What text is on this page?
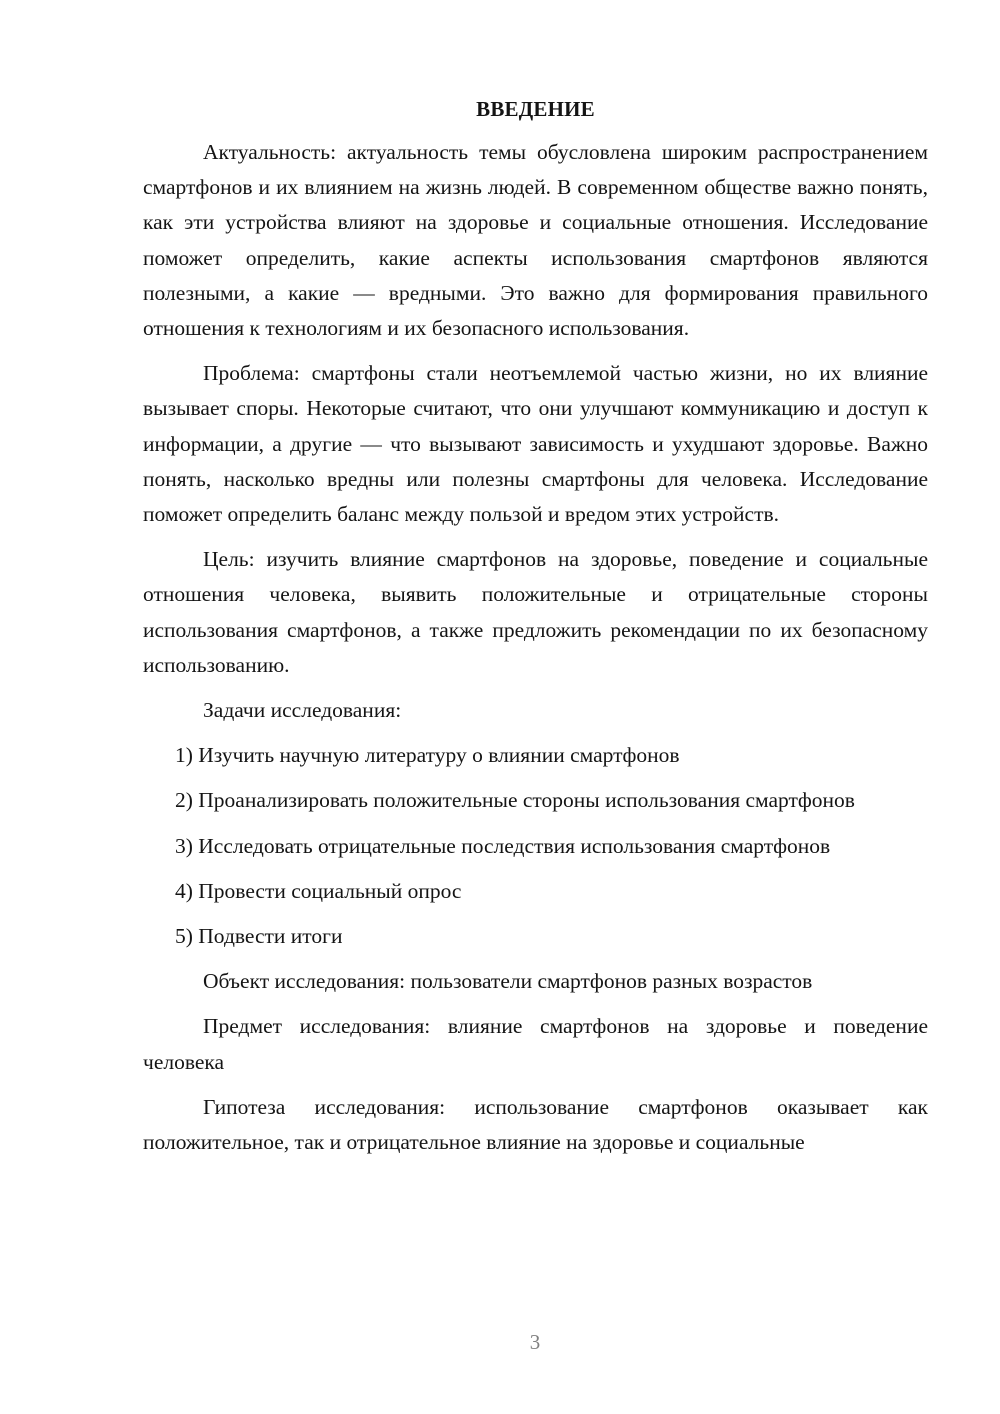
ВВЕДЕНИЕ

Актуальность: актуальность темы обусловлена широким распространением смартфонов и их влиянием на жизнь людей. В современном обществе важно понять, как эти устройства влияют на здоровье и социальные отношения. Исследование поможет определить, какие аспекты использования смартфонов являются полезными, а какие — вредными. Это важно для формирования правильного отношения к технологиям и их безопасного использования.

Проблема: смартфоны стали неотъемлемой частью жизни, но их влияние вызывает споры. Некоторые считают, что они улучшают коммуникацию и доступ к информации, а другие — что вызывают зависимость и ухудшают здоровье. Важно понять, насколько вредны или полезны смартфоны для человека. Исследование поможет определить баланс между пользой и вредом этих устройств.

Цель: изучить влияние смартфонов на здоровье, поведение и социальные отношения человека, выявить положительные и отрицательные стороны использования смартфонов, а также предложить рекомендации по их безопасному использованию.

Задачи исследования:

1) Изучить научную литературу о влиянии смартфонов

2) Проанализировать положительные стороны использования смартфонов

3) Исследовать отрицательные последствия использования смартфонов

4) Провести социальный опрос

5) Подвести итоги

Объект исследования: пользователи смартфонов разных возрастов

Предмет исследования: влияние смартфонов на здоровье и поведение человека

Гипотеза исследования: использование смартфонов оказывает как положительное, так и отрицательное влияние на здоровье и социальные

3
